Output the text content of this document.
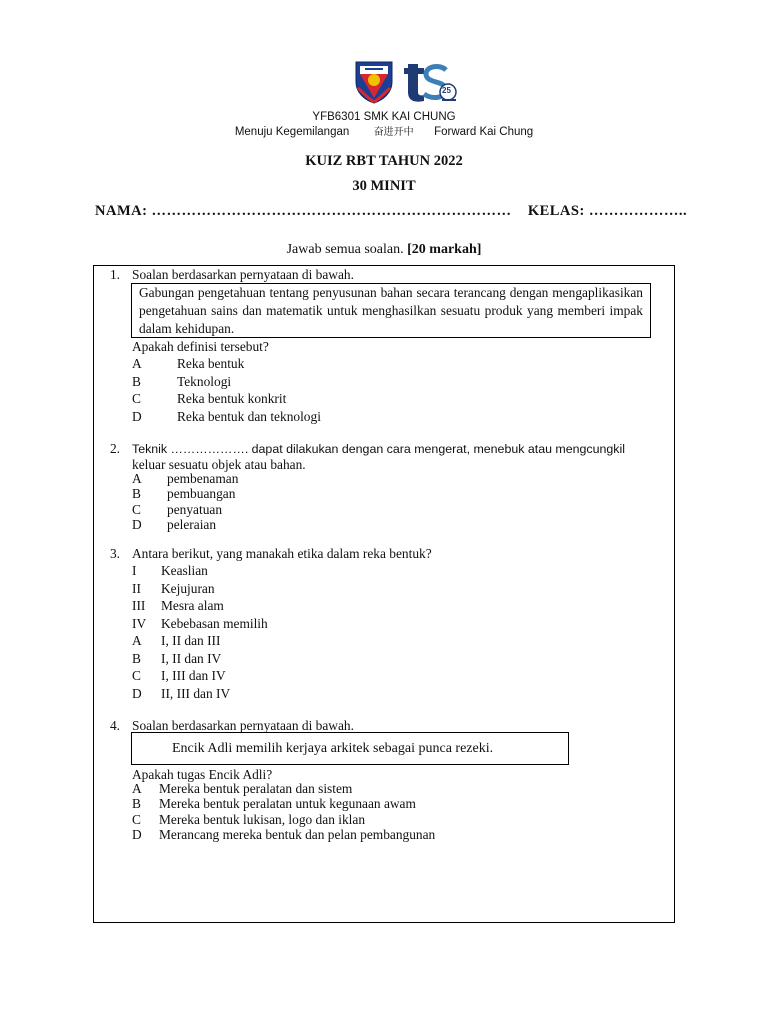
25
YFB6301 SMK KAI CHUNG
Menuju Kegemilangan 奋进开中 Forward Kai Chung
KUIZ RBT TAHUN 2022
30 MINIT
NAMA: ……………………………………………………………… KELAS: ………………..
Jawab semua soalan. [20 markah]
1. Soalan berdasarkan pernyataan di bawah.
Gabungan pengetahuan tentang penyusunan bahan secara terancang dengan mengaplikasikan pengetahuan sains dan matematik untuk menghasilkan sesuatu produk yang memberi impak dalam kehidupan.
Apakah definisi tersebut?
A	Reka bentuk
B	Teknologi
C	Reka bentuk konkrit
D	Reka bentuk dan teknologi
2. Teknik ………………. dapat dilakukan dengan cara mengerat, menebuk atau mengcungkil
keluar sesuatu objek atau bahan.
A pembenaman
B pembuangan
C penyatuan
D peleraian
3. Antara berikut, yang manakah etika dalam reka bentuk?
I Keaslian
II Kejujuran
III Mesra alam
IV Kebebasan memilih
A I, II dan III
B I, II dan IV
C I, III dan IV
D II, III dan IV
4. Soalan berdasarkan pernyataan di bawah.
Encik Adli memilih kerjaya arkitek sebagai punca rezeki.
Apakah tugas Encik Adli?
A Mereka bentuk peralatan dan sistem
B Mereka bentuk peralatan untuk kegunaan awam
C Mereka bentuk lukisan, logo dan iklan
D Merancang mereka bentuk dan pelan pembangunan
